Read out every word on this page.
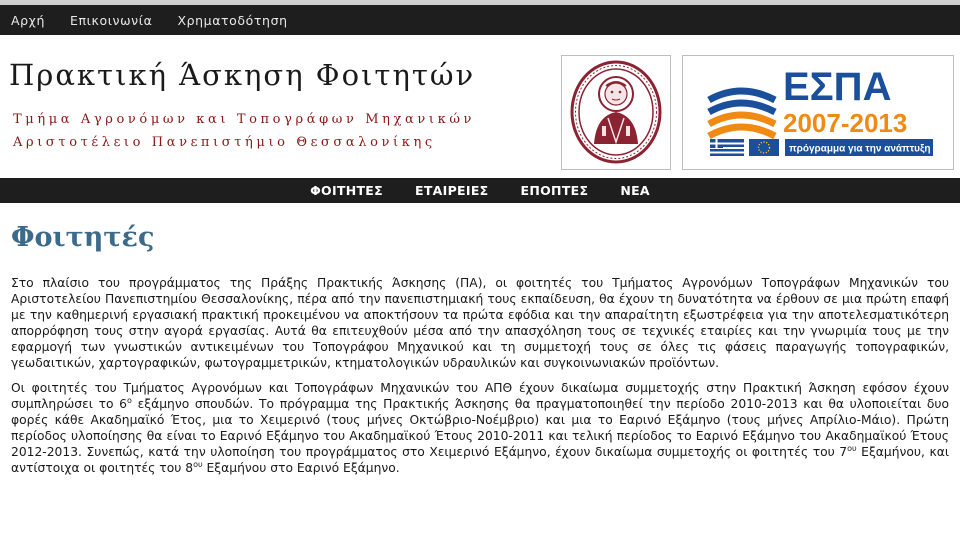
Αρχή Επικοινωνία Χρηματοδότηση
Πρακτική Άσκηση Φοιτητών
Τμήμα Αγρονόμων και Τοπογράφων Μηχανικών
Αριστοτέλειο Πανεπιστήμιο Θεσσαλονίκης
ΕΣΠΑ
2007-2013
πρόγραμμα για την ανάπτυξη
ΦΟΙΤΗΤΕΣ	ΕΤΑΙΡΕΙΕΣ	ΕΠΟΠΤΕΣ	ΝΕΑ
Φοιτητές

Στο πλαίσιο του προγράμματος της Πράξης Πρακτικής Άσκησης (ΠΑ), οι φοιτητές του Τμήματος Αγρονόμων Τοπογράφων Μηχανικών του Αριστοτελείου Πανεπιστημίου Θεσσαλονίκης, πέρα από την πανεπιστημιακή τους εκπαίδευση, θα έχουν τη δυνατότητα να έρθουν σε μια πρώτη επαφή με την καθημερινή εργασιακή πρακτική προκειμένου να αποκτήσουν τα πρώτα εφόδια και την απαραίτητη εξωστρέφεια για την αποτελεσματικότερη απορρόφηση τους στην αγορά εργασίας. Αυτά θα επιτευχθούν μέσα από την απασχόληση τους σε τεχνικές εταιρίες και την γνωριμία τους με την εφαρμογή των γνωστικών αντικειμένων του Τοπογράφου Μηχανικού και τη συμμετοχή τους σε όλες τις φάσεις παραγωγής τοπογραφικών, γεωδαιτικών, χαρτογραφικών, φωτογραμμετρικών, κτηματολογικών υδραυλικών και συγκοινωνιακών προϊόντων.

Οι φοιτητές του Τμήματος Αγρονόμων και Τοπογράφων Μηχανικών του ΑΠΘ έχουν δικαίωμα συμμετοχής στην Πρακτική Άσκηση εφόσον έχουν συμπληρώσει το $6^o$ εξάμηνο σπουδών. Το πρόγραμμα της Πρακτικής Άσκησης θα πραγματοποιηθεί την περίοδο 2010-2013 και θα υλοποιείται δυο φορές κάθε Ακαδημαϊκό Έτος, μια το Χειμερινό (τους μήνες Οκτώβριο-Νοέμβριο) και μια το Εαρινό Εξάμηνο (τους μήνες Απρίλιο-Μάιο). Πρώτη περίοδος υλοποίησης θα είναι το Εαρινό Εξάμηνο του Ακαδημαϊκού Έτους 2010-2011 και τελική περίοδος το Εαρινό Εξάμηνο του Ακαδημαϊκού Έτους 2012-2013. Συνεπώς, κατά την υλοποίηση του προγράμματος στο Χειμερινό Εξάμηνο, έχουν δικαίωμα συμμετοχής οι φοιτητές του $7^{o\upsilon}$ Εξαμήνου, και αντίστοιχα οι φοιτητές του $8^{o\upsilon}$ Εξαμήνου στο Εαρινό Εξάμηνο.
